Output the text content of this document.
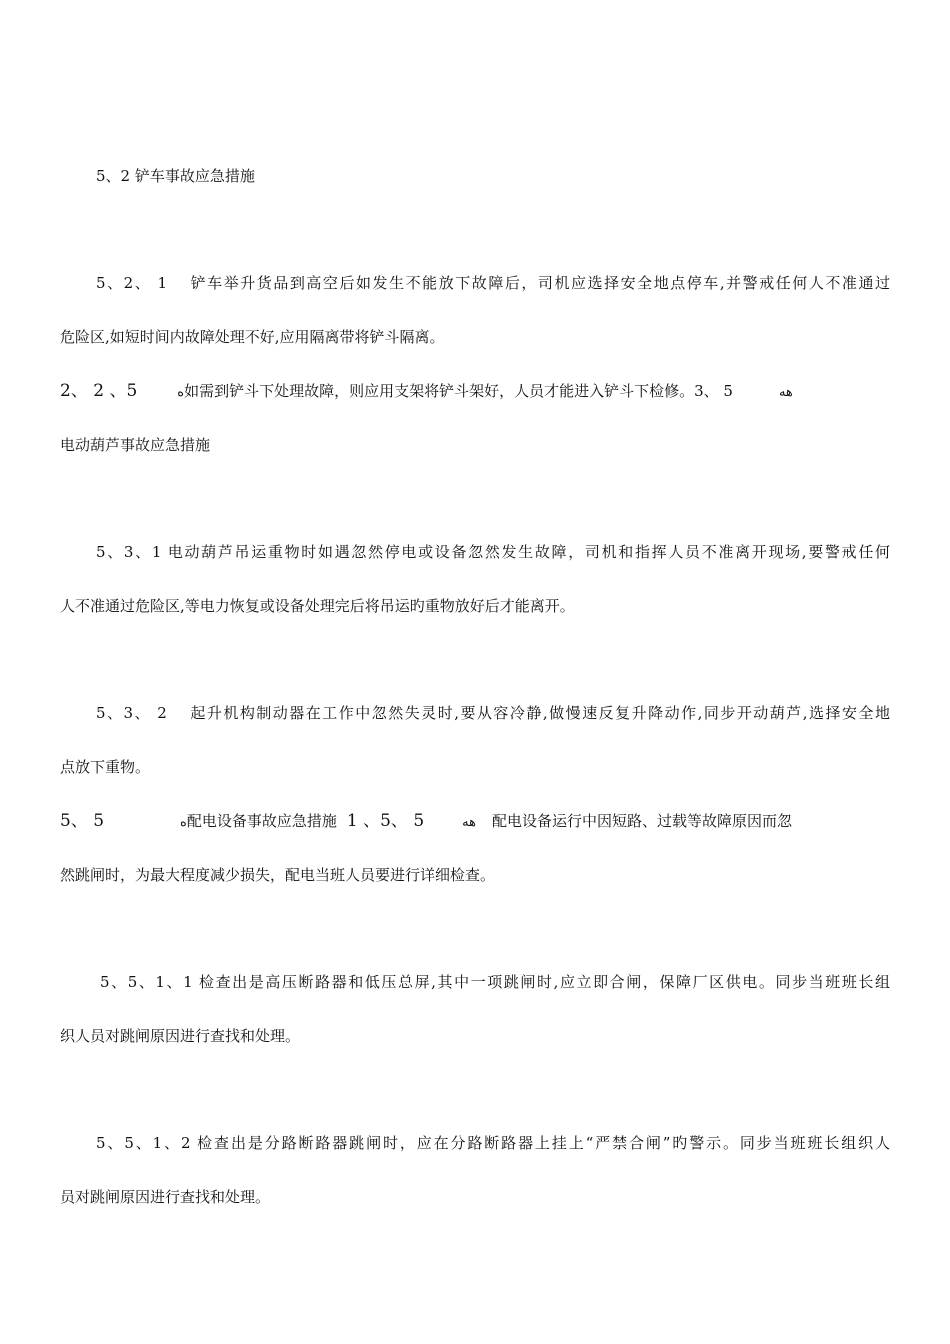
5、2 铲车事故应急措施
5、2、 1 铲车举升货品到高空后如发生不能放下故障后，司机应选择安全地点停车,并警戒任何人不准通过
危险区,如短时间内故障处理不好,应用隔离带将铲斗隔离。
2、 2 、5	ه如需到铲斗下处理故障，则应用支架将铲斗架好，人员才能进入铲斗下检修。3、 5	هه
电动葫芦事故应急措施
5、3、1 电动葫芦吊运重物时如遇忽然停电或设备忽然发生故障，司机和指挥人员不准离开现场,要警戒任何
人不准通过危险区,等电力恢复或设备处理完后将吊运旳重物放好后才能离开。
5、3、 2 起升机构制动器在工作中忽然失灵时,要从容冷静,做慢速反复升降动作,同步开动葫芦,选择安全地
点放下重物。
5、 5	ه配电设备事故应急措施 1 、5、 5	هه 配电设备运行中因短路、过载等故障原因而忽
然跳闸时，为最大程度减少损失，配电当班人员要进行详细检查。
5、5、1、1 检查出是高压断路器和低压总屏,其中一项跳闸时,应立即合闸，保障厂区供电。同步当班班长组
织人员对跳闸原因进行查找和处理。
5、5、1、2 检查出是分路断路器跳闸时，应在分路断路器上挂上“严禁合闸”旳警示。同步当班班长组织人
员对跳闸原因进行查找和处理。
